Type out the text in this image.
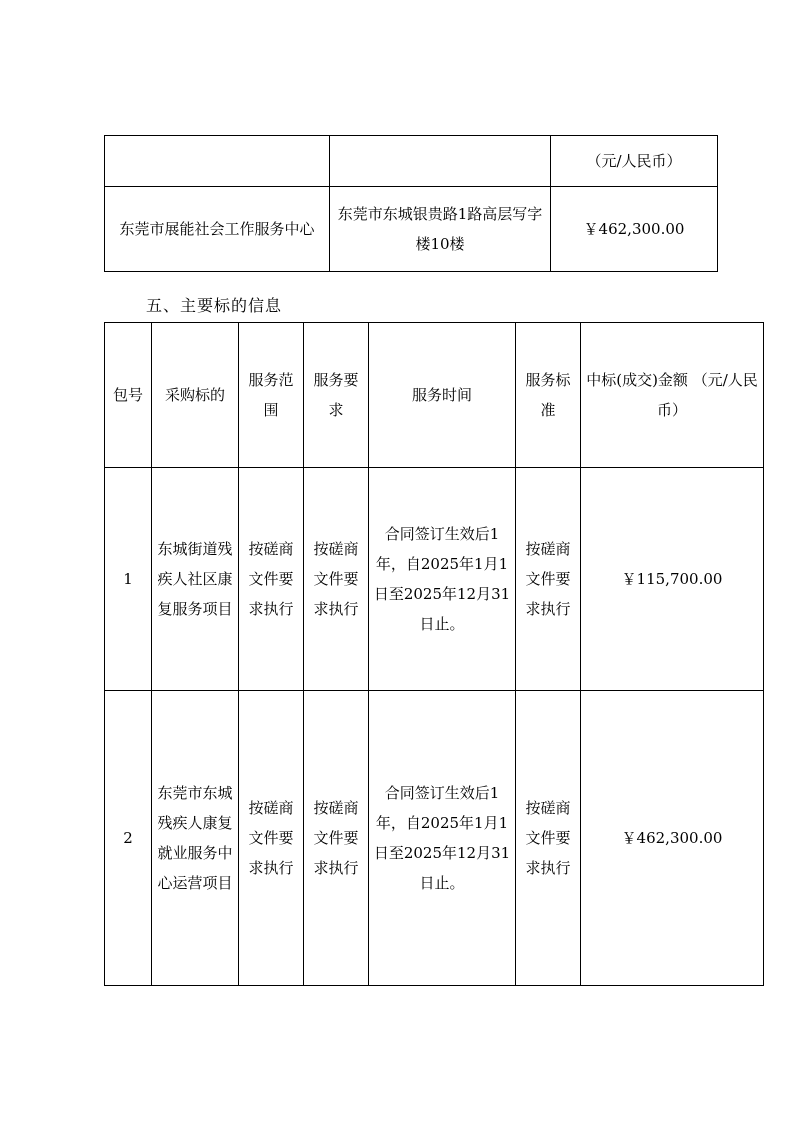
		（元/人民币）
东莞市展能社会工作服务中心	东莞市东城银贵路1路高层写字楼10楼	￥462,300.00
五、主要标的信息
包号	采购标的	服务范围	服务要求	服务时间	服务标准	中标(成交)金额 （元/人民币）
1	东城街道残疾人社区康复服务项目	按磋商文件要求执行	按磋商文件要求执行	合同签订生效后1年，自2025年1月1日至2025年12月31日止。	按磋商文件要求执行	￥115,700.00
2	东莞市东城残疾人康复就业服务中心运营项目	按磋商文件要求执行	按磋商文件要求执行	合同签订生效后1年，自2025年1月1日至2025年12月31日止。	按磋商文件要求执行	￥462,300.00
